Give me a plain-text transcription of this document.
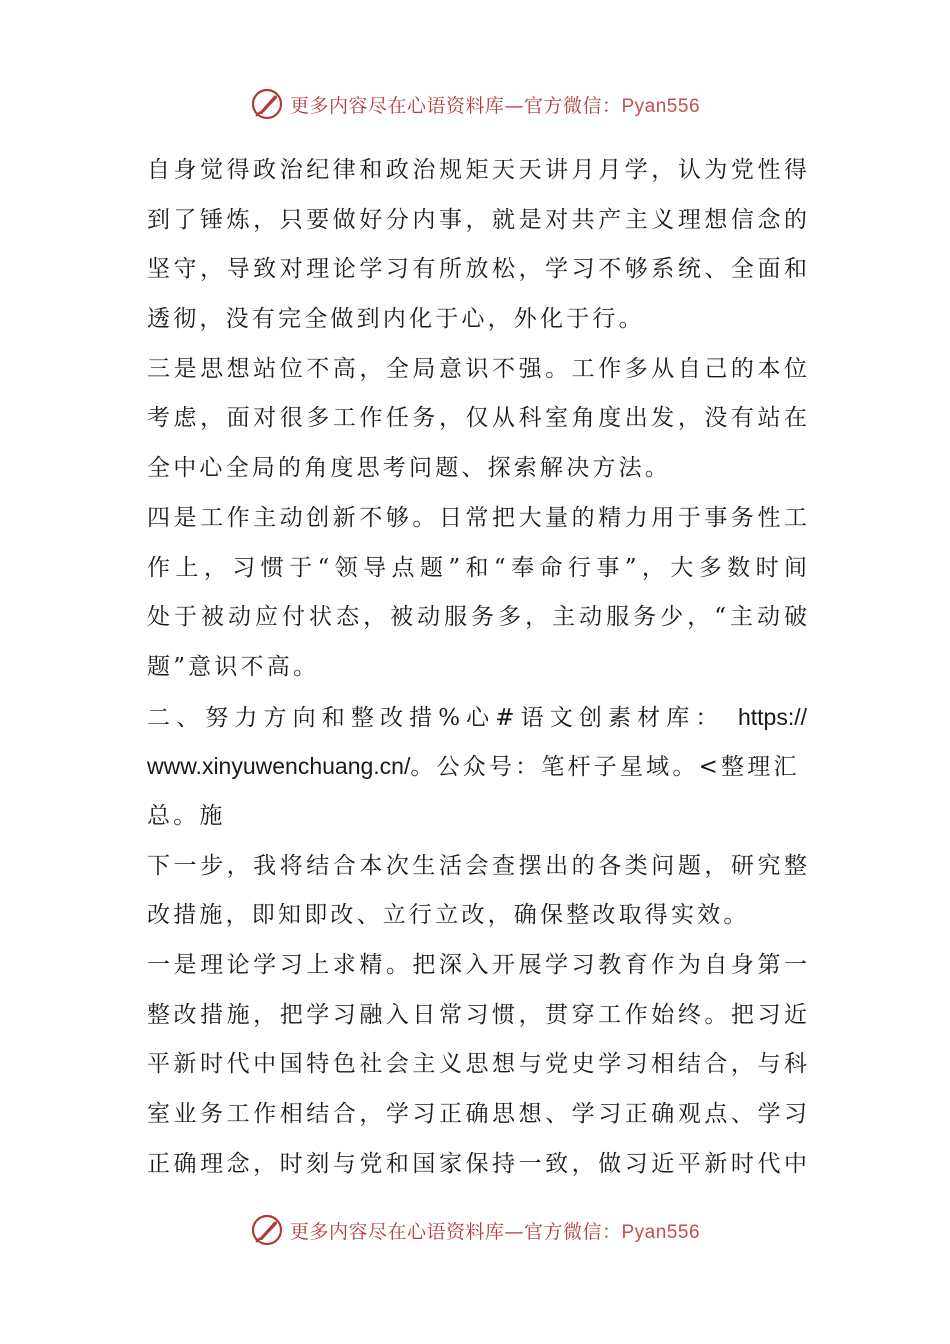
更多内容尽在心语资料库—官方微信：Pyan556
自身觉得政治纪律和政治规矩天天讲月月学，认为党性得
到了锤炼，只要做好分内事，就是对共产主义理想信念的
坚守，导致对理论学习有所放松，学习不够系统、全面和
透彻，没有完全做到内化于心，外化于行。
三是思想站位不高，全局意识不强。工作多从自己的本位
考虑，面对很多工作任务，仅从科室角度出发，没有站在
全中心全局的角度思考问题、探索解决方法。
四是工作主动创新不够。日常把大量的精力用于事务性工
作上，习惯于“领导点题”和“奉命行事”，大多数时间
处于被动应付状态，被动服务多，主动服务少，“主动破
题”意识不高。
二、努力方向和整改措%心#语文创素材库： https://
www.xinyuwenchuang.cn/。公众号：笔杆子星域。<整理汇
总。施
下一步，我将结合本次生活会查摆出的各类问题，研究整
改措施，即知即改、立行立改，确保整改取得实效。
一是理论学习上求精。把深入开展学习教育作为自身第一
整改措施，把学习融入日常习惯，贯穿工作始终。把习近
平新时代中国特色社会主义思想与党史学习相结合，与科
室业务工作相结合，学习正确思想、学习正确观点、学习
正确理念，时刻与党和国家保持一致，做习近平新时代中
更多内容尽在心语资料库—官方微信：Pyan556
